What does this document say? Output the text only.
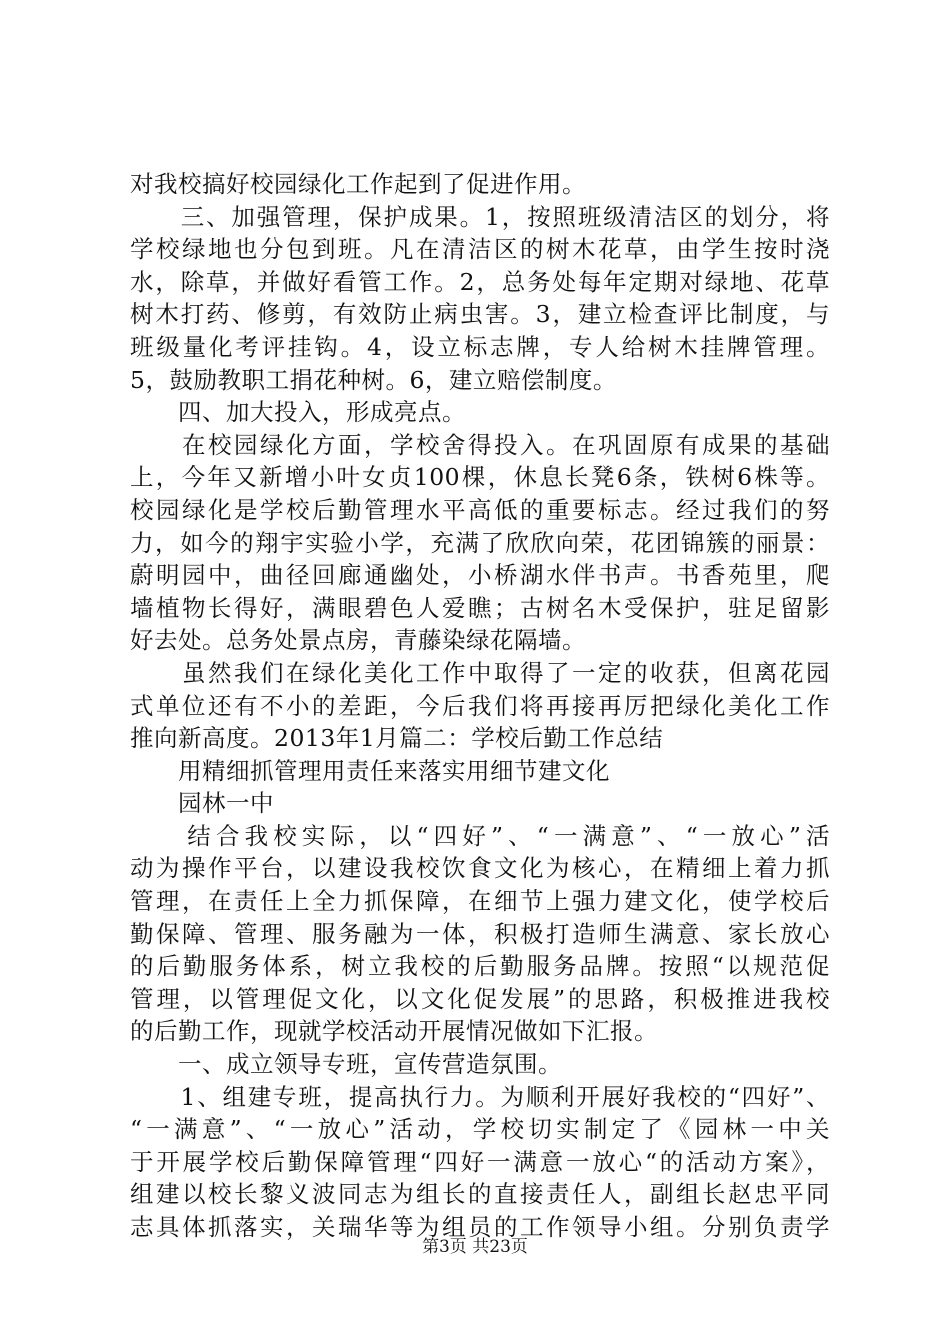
对我校搞好校园绿化工作起到了促进作用。
　　三、加强管理，保护成果。1，按照班级清洁区的划分，将
学校绿地也分包到班。凡在清洁区的树木花草，由学生按时浇
水，除草，并做好看管工作。2，总务处每年定期对绿地、花草
树木打药、修剪，有效防止病虫害。3，建立检查评比制度，与
班级量化考评挂钩。4，设立标志牌，专人给树木挂牌管理。
5，鼓励教职工捐花种树。6，建立赔偿制度。
　　四、加大投入，形成亮点。
　　在校园绿化方面，学校舍得投入。在巩固原有成果的基础
上，今年又新增小叶女贞100棵，休息长凳6条，铁树6株等。
校园绿化是学校后勤管理水平高低的重要标志。经过我们的努
力，如今的翔宇实验小学，充满了欣欣向荣，花团锦簇的丽景：
蔚明园中，曲径回廊通幽处，小桥湖水伴书声。书香苑里，爬
墙植物长得好，满眼碧色人爱瞧；古树名木受保护，驻足留影
好去处。总务处景点房，青藤染绿花隔墙。
　　虽然我们在绿化美化工作中取得了一定的收获，但离花园
式单位还有不小的差距，今后我们将再接再厉把绿化美化工作
推向新高度。2013年1月篇二：学校后勤工作总结
　　用精细抓管理用责任来落实用细节建文化
　　园林一中
　　结合我校实际，以“四好”、“一满意”、“一放心”活
动为操作平台，以建设我校饮食文化为核心，在精细上着力抓
管理，在责任上全力抓保障，在细节上强力建文化，使学校后
勤保障、管理、服务融为一体，积极打造师生满意、家长放心
的后勤服务体系，树立我校的后勤服务品牌。按照“以规范促
管理，以管理促文化，以文化促发展”的思路，积极推进我校
的后勤工作，现就学校活动开展情况做如下汇报。
　　一、成立领导专班，宣传营造氛围。
　　1、组建专班，提高执行力。为顺利开展好我校的“四好”、
“一满意”、“一放心”活动，学校切实制定了《园林一中关
于开展学校后勤保障管理“四好一满意一放心“的活动方案》，
组建以校长黎义波同志为组长的直接责任人，副组长赵忠平同
志具体抓落实，关瑞华等为组员的工作领导小组。分别负责学
第3页 共23页
